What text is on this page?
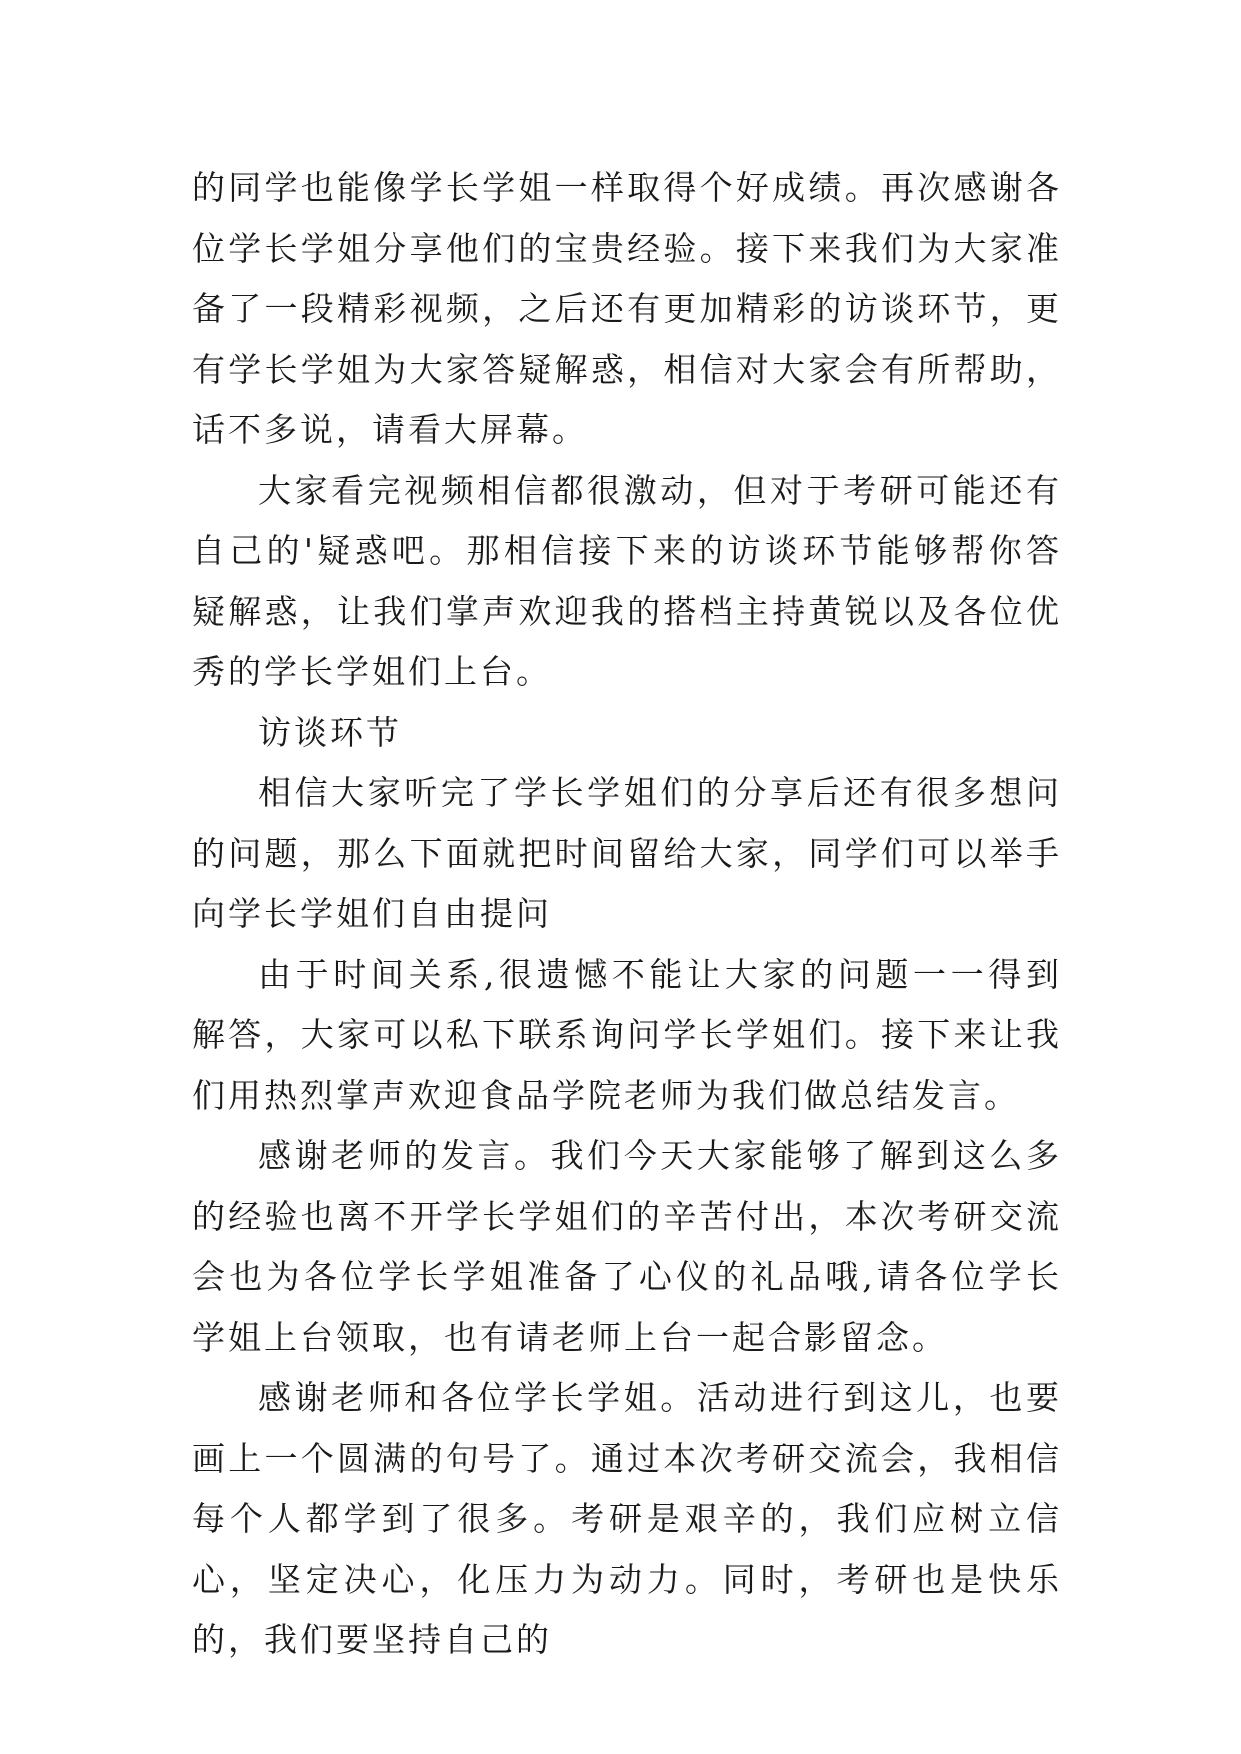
的同学也能像学长学姐一样取得个好成绩。再次感谢各位学长学姐分享他们的宝贵经验。接下来我们为大家准备了一段精彩视频，之后还有更加精彩的访谈环节，更有学长学姐为大家答疑解惑，相信对大家会有所帮助，话不多说，请看大屏幕。

大家看完视频相信都很激动，但对于考研可能还有自己的'疑惑吧。那相信接下来的访谈环节能够帮你答疑解惑，让我们掌声欢迎我的搭档主持黄锐以及各位优秀的学长学姐们上台。

访谈环节

相信大家听完了学长学姐们的分享后还有很多想问的问题，那么下面就把时间留给大家，同学们可以举手向学长学姐们自由提问

由于时间关系,很遗憾不能让大家的问题一一得到解答，大家可以私下联系询问学长学姐们。接下来让我们用热烈掌声欢迎食品学院老师为我们做总结发言。

感谢老师的发言。我们今天大家能够了解到这么多的经验也离不开学长学姐们的辛苦付出，本次考研交流会也为各位学长学姐准备了心仪的礼品哦,请各位学长学姐上台领取，也有请老师上台一起合影留念。

感谢老师和各位学长学姐。活动进行到这儿，也要画上一个圆满的句号了。通过本次考研交流会，我相信每个人都学到了很多。考研是艰辛的，我们应树立信心，坚定决心，化压力为动力。同时，考研也是快乐的，我们要坚持自己的
